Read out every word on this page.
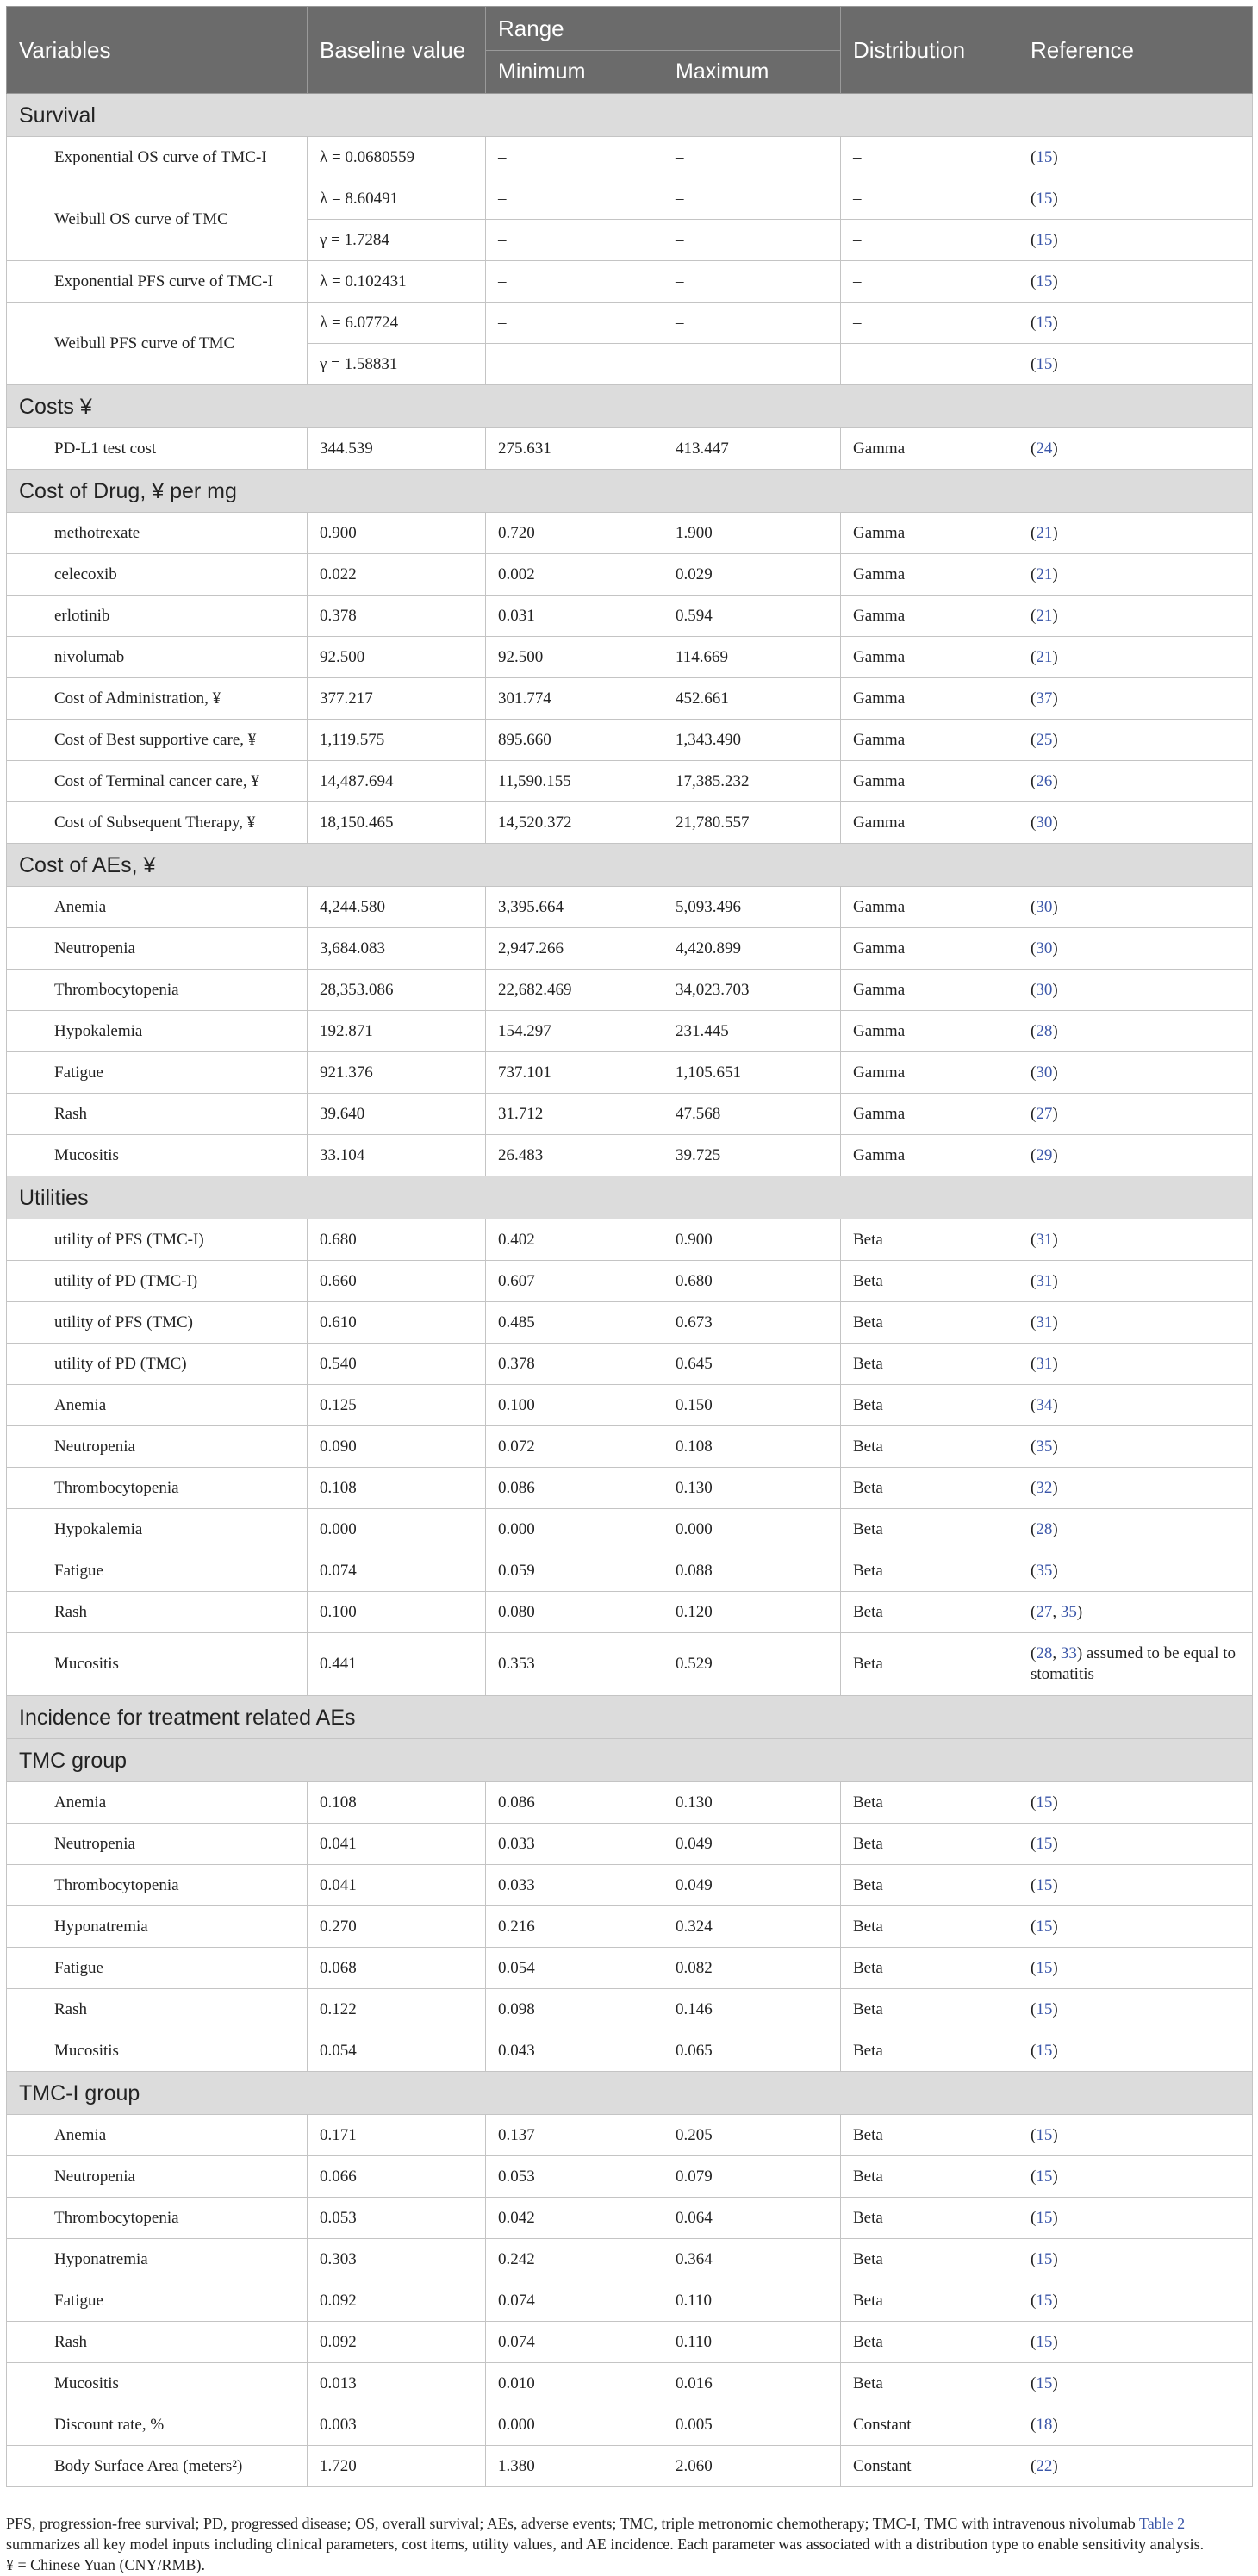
Variables	Baseline value	Range		Distribution	Reference
		Minimum	Maximum		
Survival					
Exponential OS curve of TMC-I	λ = 0.0680559	–	–	–	(15)
Weibull OS curve of TMC	λ = 8.60491	–	–	–	(15)
	γ = 1.7284	–	–	–	(15)
Exponential PFS curve of TMC-I	λ = 0.102431	–	–	–	(15)
Weibull PFS curve of TMC	λ = 6.07724	–	–	–	(15)
	γ = 1.58831	–	–	–	(15)
Costs ¥					
PD-L1 test cost	344.539	275.631	413.447	Gamma	(24)
Cost of Drug, ¥ per mg					
methotrexate	0.900	0.720	1.900	Gamma	(21)
celecoxib	0.022	0.002	0.029	Gamma	(21)
erlotinib	0.378	0.031	0.594	Gamma	(21)
nivolumab	92.500	92.500	114.669	Gamma	(21)
Cost of Administration, ¥	377.217	301.774	452.661	Gamma	(37)
Cost of Best supportive care, ¥	1,119.575	895.660	1,343.490	Gamma	(25)
Cost of Terminal cancer care, ¥	14,487.694	11,590.155	17,385.232	Gamma	(26)
Cost of Subsequent Therapy, ¥	18,150.465	14,520.372	21,780.557	Gamma	(30)
Cost of AEs, ¥					
Anemia	4,244.580	3,395.664	5,093.496	Gamma	(30)
Neutropenia	3,684.083	2,947.266	4,420.899	Gamma	(30)
Thrombocytopenia	28,353.086	22,682.469	34,023.703	Gamma	(30)
Hypokalemia	192.871	154.297	231.445	Gamma	(28)
Fatigue	921.376	737.101	1,105.651	Gamma	(30)
Rash	39.640	31.712	47.568	Gamma	(27)
Mucositis	33.104	26.483	39.725	Gamma	(29)
Utilities					
utility of PFS (TMC-I)	0.680	0.402	0.900	Beta	(31)
utility of PD (TMC-I)	0.660	0.607	0.680	Beta	(31)
utility of PFS (TMC)	0.610	0.485	0.673	Beta	(31)
utility of PD (TMC)	0.540	0.378	0.645	Beta	(31)
Anemia	0.125	0.100	0.150	Beta	(34)
Neutropenia	0.090	0.072	0.108	Beta	(35)
Thrombocytopenia	0.108	0.086	0.130	Beta	(32)
Hypokalemia	0.000	0.000	0.000	Beta	(28)
Fatigue	0.074	0.059	0.088	Beta	(35)
Rash	0.100	0.080	0.120	Beta	(27, 35)
Mucositis	0.441	0.353	0.529	Beta	(28, 33) assumed to be equal to stomatitis
Incidence for treatment related AEs					
TMC group					
Anemia	0.108	0.086	0.130	Beta	(15)
Neutropenia	0.041	0.033	0.049	Beta	(15)
Thrombocytopenia	0.041	0.033	0.049	Beta	(15)
Hyponatremia	0.270	0.216	0.324	Beta	(15)
Fatigue	0.068	0.054	0.082	Beta	(15)
Rash	0.122	0.098	0.146	Beta	(15)
Mucositis	0.054	0.043	0.065	Beta	(15)
TMC-I group					
Anemia	0.171	0.137	0.205	Beta	(15)
Neutropenia	0.066	0.053	0.079	Beta	(15)
Thrombocytopenia	0.053	0.042	0.064	Beta	(15)
Hyponatremia	0.303	0.242	0.364	Beta	(15)
Fatigue	0.092	0.074	0.110	Beta	(15)
Rash	0.092	0.074	0.110	Beta	(15)
Mucositis	0.013	0.010	0.016	Beta	(15)
Discount rate, %	0.003	0.000	0.005	Constant	(18)
Body Surface Area (meters²)	1.720	1.380	2.060	Constant	(22)
PFS, progression-free survival; PD, progressed disease; OS, overall survival; AEs, adverse events; TMC, triple metronomic chemotherapy; TMC-I, TMC with intravenous nivolumab Table 2 summarizes all key model inputs including clinical parameters, cost items, utility values, and AE incidence. Each parameter was associated with a distribution type to enable sensitivity analysis.
¥ = Chinese Yuan (CNY/RMB).
